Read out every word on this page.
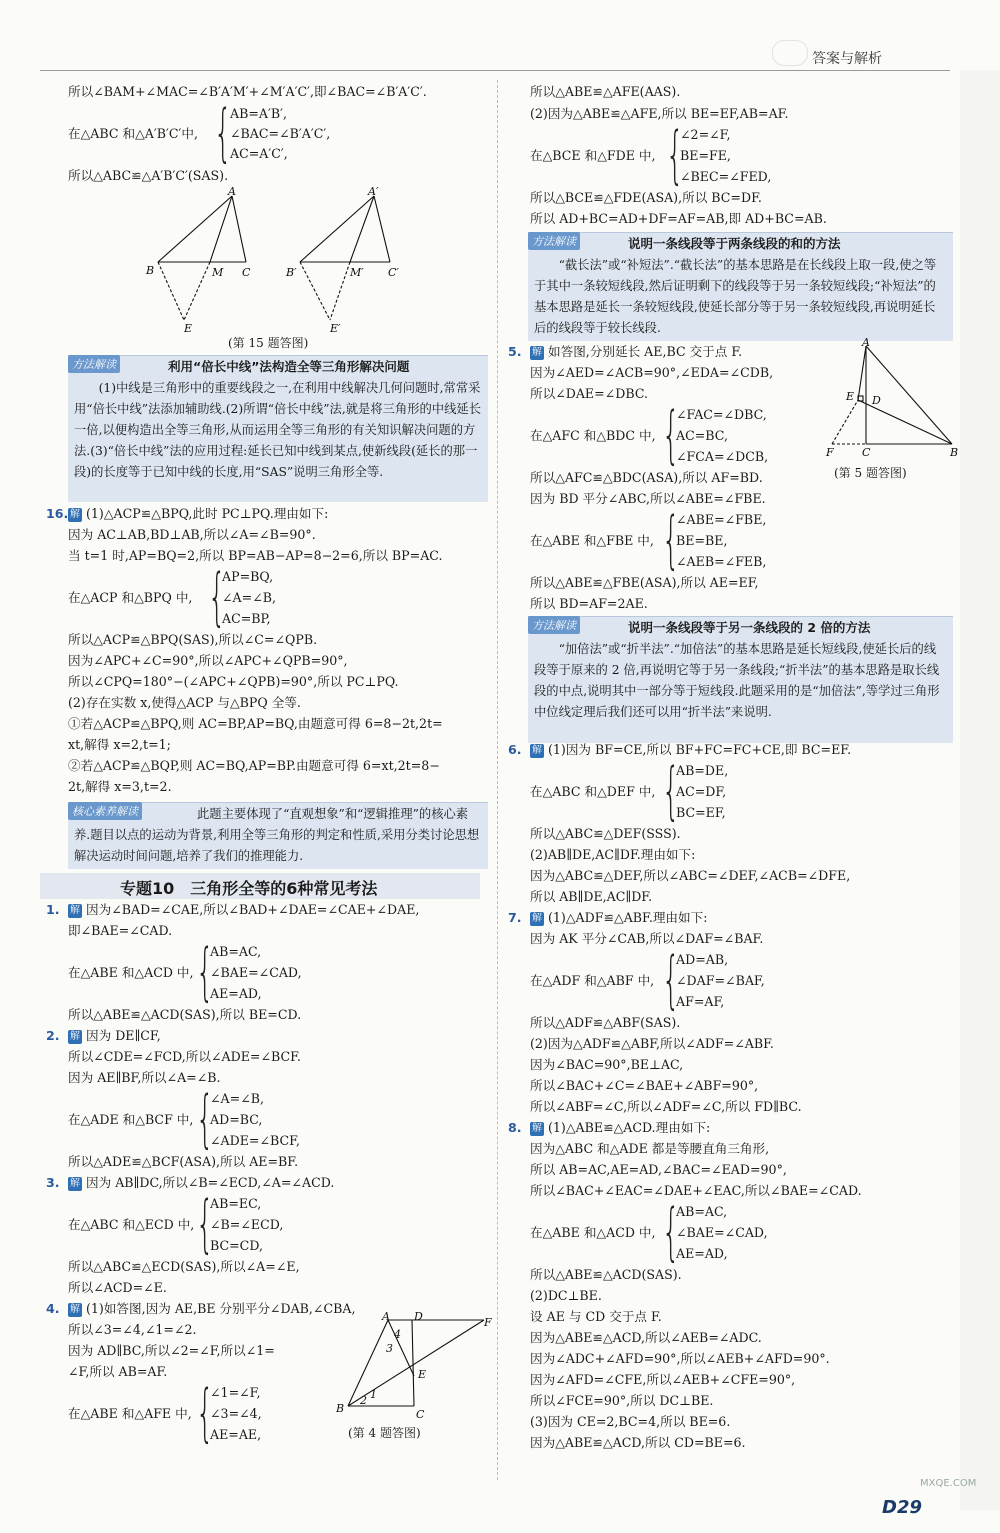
答案与解析
所以∠BAM+∠MAC=∠B′A′M′+∠M′A′C′,即∠BAC=∠B′A′C′.
在△ABC 和△A′B′C′中, {
AB=A′B′,
∠BAC=∠B′A′C′,
AC=A′C′,
所以△ABC≌△A′B′C′(SAS).
A
B	M C
E
A′
B′	M′ C′
E′
(第 15 题答图)
方法解读	利用“倍长中线”法构造全等三角形解决问题
(1)中线是三角形中的重要线段之一,在利用中线解决几何问题时,常常采用“倍长中线”法添加辅助线.(2)所谓“倍长中线”法,就是将三角形的中线延长一倍,以便构造出全等三角形,从而运用全等三角形的有关知识解决问题的方法.(3)“倍长中线”法的应用过程:延长已知中线到某点,使新线段(延长的那一段)的长度等于已知中线的长度,用“SAS”说明三角形全等.
16. 解 (1)△ACP≌△BPQ,此时 PC⊥PQ.理由如下:
因为 AC⊥AB,BD⊥AB,所以∠A=∠B=90°.
当 t=1 时,AP=BQ=2,所以 BP=AB−AP=8−2=6,所以 BP=AC.
在△ACP 和△BPQ 中, {
AP=BQ,
∠A=∠B,
AC=BP,
所以△ACP≌△BPQ(SAS),所以∠C=∠QPB.
因为∠APC+∠C=90°,所以∠APC+∠QPB=90°,
所以∠CPQ=180°−(∠APC+∠QPB)=90°,所以 PC⊥PQ.
(2)存在实数 x,使得△ACP 与△BPQ 全等.
①若△ACP≌△BPQ,则 AC=BP,AP=BQ,由题意可得 6=8−2t,2t=
xt,解得 x=2,t=1;
②若△ACP≌△BQP,则 AC=BQ,AP=BP.由题意可得 6=xt,2t=8−
2t,解得 x=3,t=2.
核心素养解读	此题主要体现了“直观想象”和“逻辑推理”的核心素养.题目以点的运动为背景,利用全等三角形的判定和性质,采用分类讨论思想解决运动时间问题,培养了我们的推理能力.
专题10　三角形全等的6种常见考法
1. 解 因为∠BAD=∠CAE,所以∠BAD+∠DAE=∠CAE+∠DAE,
即∠BAE=∠CAD.
在△ABE 和△ACD 中, {
AB=AC,
∠BAE=∠CAD,
AE=AD,
所以△ABE≌△ACD(SAS),所以 BE=CD.
2. 解 因为 DE∥CF,
所以∠CDE=∠FCD,所以∠ADE=∠BCF.
因为 AE∥BF,所以∠A=∠B.
在△ADE 和△BCF 中, {
∠A=∠B,
AD=BC,
∠ADE=∠BCF,
所以△ADE≌△BCF(ASA),所以 AE=BF.
3. 解 因为 AB∥DC,所以∠B=∠ECD,∠A=∠ACD.
在△ABC 和△ECD 中, {
AB=EC,
∠B=∠ECD,
BC=CD,
所以△ABC≌△ECD(SAS),所以∠A=∠E,
所以∠ACD=∠E.
4. 解 (1)如答图,因为 AE,BE 分别平分∠DAB,∠CBA,
所以∠3=∠4,∠1=∠2.
因为 AD∥BC,所以∠2=∠F,所以∠1=
∠F,所以 AB=AF.
在△ABE 和△AFE 中, {
∠1=∠F,
∠3=∠4,
AE=AE,
A D	F
B	C
E
4
3
2 1
(第 4 题答图)
所以△ABE≌△AFE(AAS).
(2)因为△ABE≌△AFE,所以 BE=EF,AB=AF.
在△BCE 和△FDE 中, {
∠2=∠F,
BE=FE,
∠BEC=∠FED,
所以△BCE≌△FDE(ASA),所以 BC=DF.
所以 AD+BC=AD+DF=AF=AB,即 AD+BC=AB.
方法解读	说明一条线段等于两条线段的和的方法
“截长法”或“补短法”.“截长法”的基本思路是在长线段上取一段,使之等于其中一条较短线段,然后证明剩下的线段等于另一条较短线段;“补短法”的基本思路是延长一条较短线段,使延长部分等于另一条较短线段,再说明延长后的线段等于较长线段.
5. 解 如答图,分别延长 AE,BC 交于点 F.
因为∠AED=∠ACB=90°,∠EDA=∠CDB,
所以∠DAE=∠DBC.
在△AFC 和△BDC 中, {
∠FAC=∠DBC,
AC=BC,
∠FCA=∠DCB,
所以△AFC≌△BDC(ASA),所以 AF=BD.
因为 BD 平分∠ABC,所以∠ABE=∠FBE.
在△ABE 和△FBE 中, {
∠ABE=∠FBE,
BE=BE,
∠AEB=∠FEB,
所以△ABE≌△FBE(ASA),所以 AE=EF,
所以 BD=AF=2AE.
A
E D
F	C	B
(第 5 题答图)
方法解读	说明一条线段等于另一条线段的 2 倍的方法
“加倍法”或“折半法”.“加倍法”的基本思路是延长短线段,使延长后的线段等于原来的 2 倍,再说明它等于另一条线段;“折半法”的基本思路是取长线段的中点,说明其中一部分等于短线段.此题采用的是“加倍法”,等学过三角形中位线定理后我们还可以用“折半法”来说明.
6. 解 (1)因为 BF=CE,所以 BF+FC=FC+CE,即 BC=EF.
在△ABC 和△DEF 中, {
AB=DE,
AC=DF,
BC=EF,
所以△ABC≌△DEF(SSS).
(2)AB∥DE,AC∥DF.理由如下:
因为△ABC≌△DEF,所以∠ABC=∠DEF,∠ACB=∠DFE,
所以 AB∥DE,AC∥DF.
7. 解 (1)△ADF≌△ABF.理由如下:
因为 AK 平分∠CAB,所以∠DAF=∠BAF.
在△ADF 和△ABF 中, {
AD=AB,
∠DAF=∠BAF,
AF=AF,
所以△ADF≌△ABF(SAS).
(2)因为△ADF≌△ABF,所以∠ADF=∠ABF.
因为∠BAC=90°,BE⊥AC,
所以∠BAC+∠C=∠BAE+∠ABF=90°,
所以∠ABF=∠C,所以∠ADF=∠C,所以 FD∥BC.
8. 解 (1)△ABE≌△ACD.理由如下:
因为△ABC 和△ADE 都是等腰直角三角形,
所以 AB=AC,AE=AD,∠BAC=∠EAD=90°,
所以∠BAC+∠EAC=∠DAE+∠EAC,所以∠BAE=∠CAD.
在△ABE 和△ACD 中, {
AB=AC,
∠BAE=∠CAD,
AE=AD,
所以△ABE≌△ACD(SAS).
(2)DC⊥BE.
设 AE 与 CD 交于点 F.
因为△ABE≌△ACD,所以∠AEB=∠ADC.
因为∠ADC+∠AFD=90°,所以∠AEB+∠AFD=90°.
因为∠AFD=∠CFE,所以∠AEB+∠CFE=90°,
所以∠FCE=90°,所以 DC⊥BE.
(3)因为 CE=2,BC=4,所以 BE=6.
因为△ABE≌△ACD,所以 CD=BE=6.
D29
MXQE.COM
